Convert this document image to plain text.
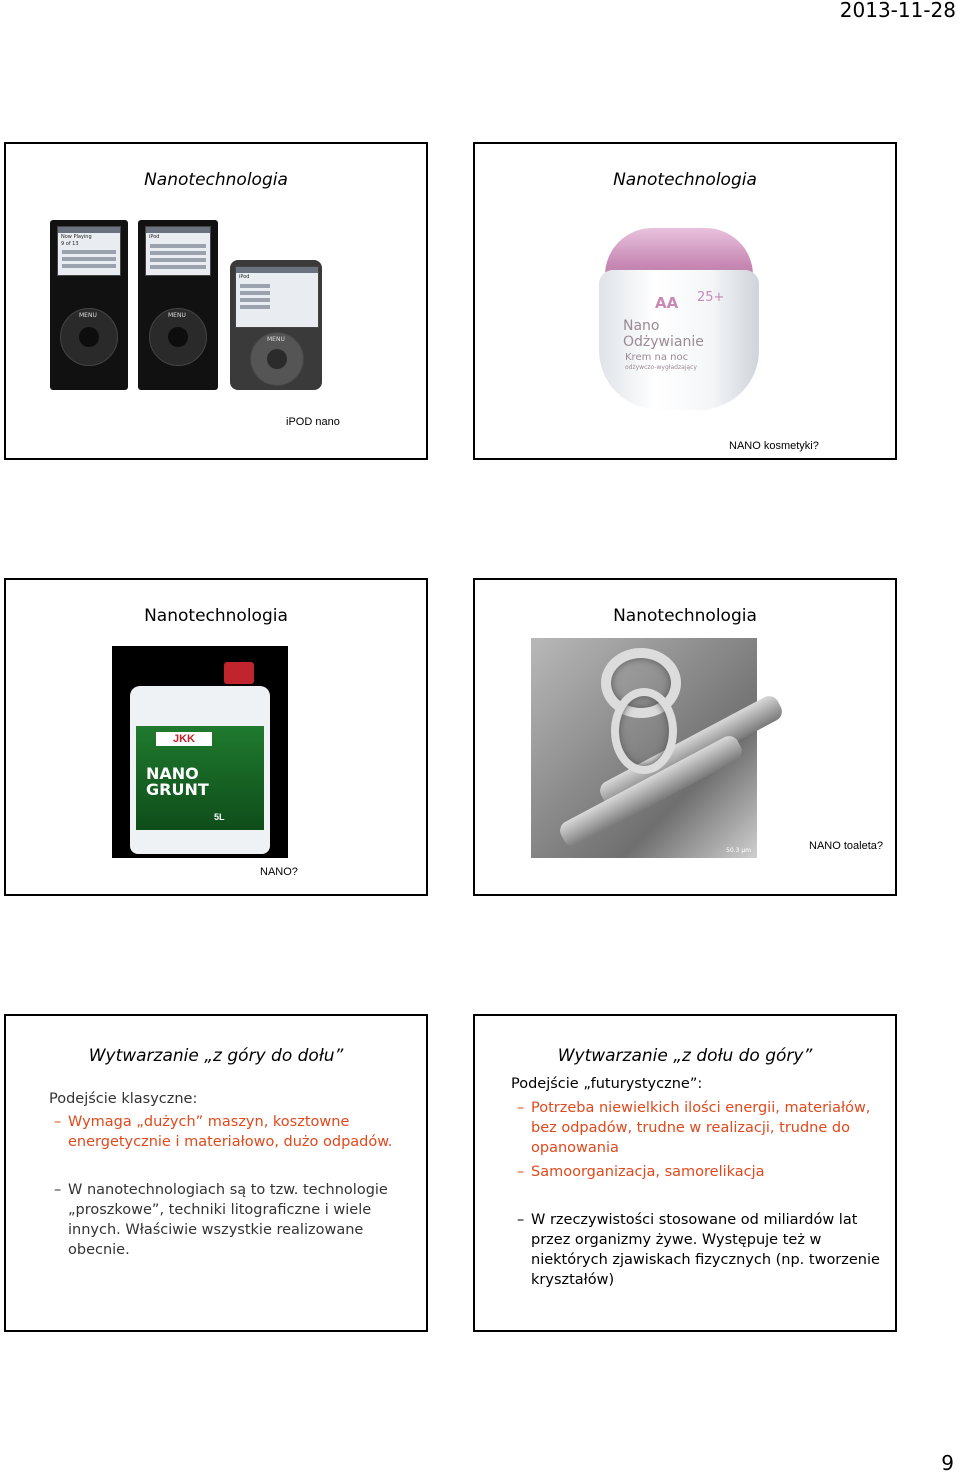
2013-11-28
Nanotechnologia
Now Playing
9 of 13
MENU
iPod
MENU
iPod
MENU
iPOD nano
Nanotechnologia
AA 25+
Nano
Odżywianie
Krem na noc
odżywczo-wygładzający
NANO kosmetyki?
Nanotechnologia
JKK
NANO
GRUNT
5L
NANO?
Nanotechnologia
50.3 μm	NANO toaleta?
Wytwarzanie „z góry do dołu”
Podejście klasyczne:
– Wymaga „dużych” maszyn, kosztowne energetycznie i materiałowo, dużo odpadów.
– W nanotechnologiach są to tzw. technologie „proszkowe”, techniki litograficzne i wiele innych. Właściwie wszystkie realizowane obecnie.
Wytwarzanie „z dołu do góry”
Podejście „futurystyczne”:
– Potrzeba niewielkich ilości energii, materiałów, bez odpadów, trudne w realizacji, trudne do opanowania
– Samoorganizacja, samorelikacja
– W rzeczywistości stosowane od miliardów lat przez organizmy żywe. Występuje też w niektórych zjawiskach fizycznych (np. tworzenie kryształów)
9
